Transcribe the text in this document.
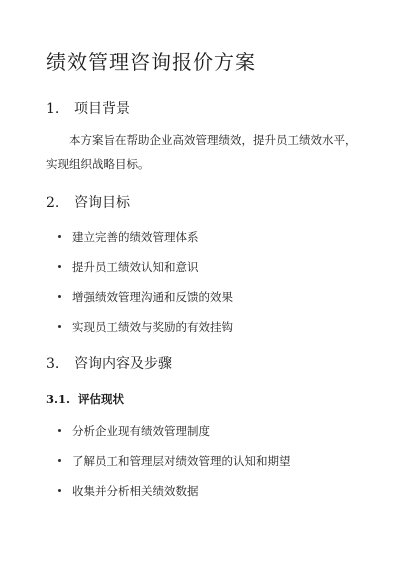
绩效管理咨询报价方案
1. 项目背景
本方案旨在帮助企业高效管理绩效，提升员工绩效水平，实现组织战略目标。
2. 咨询目标
建立完善的绩效管理体系
提升员工绩效认知和意识
增强绩效管理沟通和反馈的效果
实现员工绩效与奖励的有效挂钩
3. 咨询内容及步骤
3.1. 评估现状
分析企业现有绩效管理制度
了解员工和管理层对绩效管理的认知和期望
收集并分析相关绩效数据
